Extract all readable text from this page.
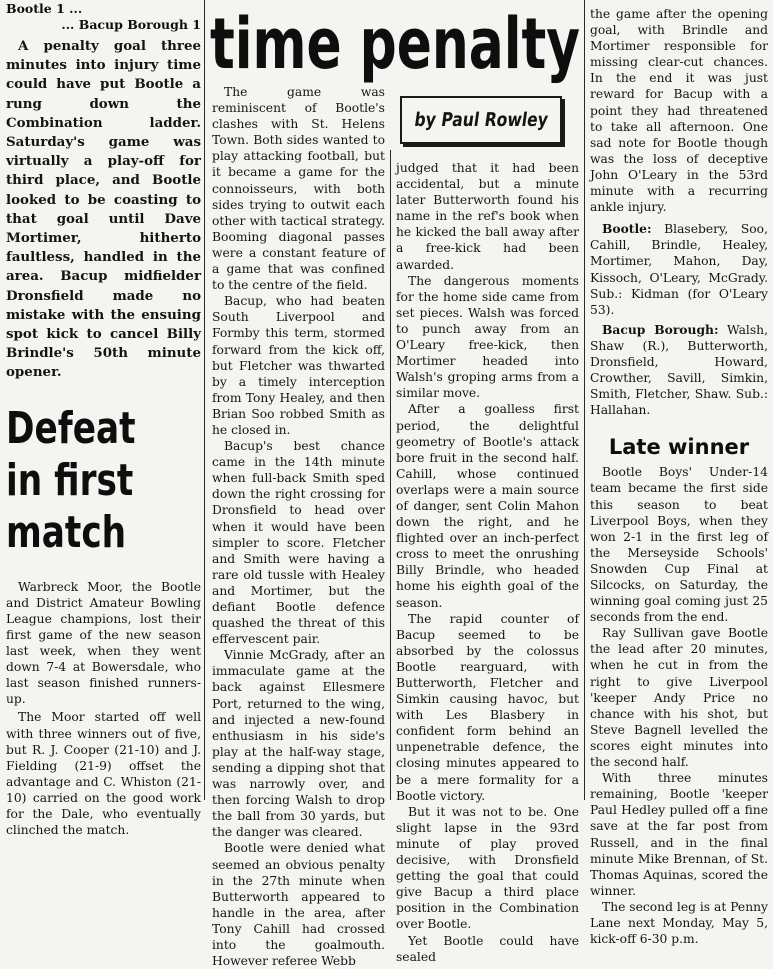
Bootle 1 ...

... Bacup Borough 1

A penalty goal three minutes into injury time could have put Bootle a rung down the Combination ladder. Saturday's game was virtually a play-off for third place, and Bootle looked to be coasting to that goal until Dave Mortimer, hitherto faultless, handled in the area. Bacup midfielder Dronsfield made no mistake with the ensuing spot kick to cancel Billy Brindle's 50th minute opener.

Defeat

in first

match

Warbreck Moor, the Bootle and District Amateur Bowling League champions, lost their first game of the new season last week, when they went down 7-4 at Bowersdale, who last season finished runners-up.

The Moor started off well with three winners out of five, but R. J. Cooper (21-10) and J. Fielding (21-9) offset the advantage and C. Whiston (21-10) carried on the good work for the Dale, who eventually clinched the match.

time penalty
by Paul Rowley

The game was reminiscent of Bootle's clashes with St. Helens Town. Both sides wanted to play attacking football, but it became a game for the connoisseurs, with both sides trying to outwit each other with tactical strategy. Booming diagonal passes were a constant feature of a game that was confined to the centre of the field.

Bacup, who had beaten South Liverpool and Formby this term, stormed forward from the kick off, but Fletcher was thwarted by a timely interception from Tony Healey, and then Brian Soo robbed Smith as he closed in.

Bacup's best chance came in the 14th minute when full-back Smith sped down the right crossing for Dronsfield to head over when it would have been simpler to score. Fletcher and Smith were having a rare old tussle with Healey and Mortimer, but the defiant Bootle defence quashed the threat of this effervescent pair.

Vinnie McGrady, after an immaculate game at the back against Ellesmere Port, returned to the wing, and injected a new-found enthusiasm in his side's play at the half-way stage, sending a dipping shot that was narrowly over, and then forcing Walsh to drop the ball from 30 yards, but the danger was cleared.

Bootle were denied what seemed an obvious penalty in the 27th minute when Butterworth appeared to handle in the area, after Tony Cahill had crossed into the goalmouth. However referee Webb

judged that it had been accidental, but a minute later Butterworth found his name in the ref's book when he kicked the ball away after a free-kick had been awarded.

The dangerous moments for the home side came from set pieces. Walsh was forced to punch away from an O'Leary free-kick, then Mortimer headed into Walsh's groping arms from a similar move.

After a goalless first period, the delightful geometry of Bootle's attack bore fruit in the second half. Cahill, whose continued overlaps were a main source of danger, sent Colin Mahon down the right, and he flighted over an inch-perfect cross to meet the onrushing Billy Brindle, who headed home his eighth goal of the season.

The rapid counter of Bacup seemed to be absorbed by the colossus Bootle rearguard, with Butterworth, Fletcher and Simkin causing havoc, but with Les Blasbery in confident form behind an unpenetrable defence, the closing minutes appeared to be a mere formality for a Bootle victory.

But it was not to be. One slight lapse in the 93rd minute of play proved decisive, with Dronsfield getting the goal that could give Bacup a third place position in the Combination over Bootle.

Yet Bootle could have sealed

the game after the opening goal, with Brindle and Mortimer responsible for missing clear-cut chances. In the end it was just reward for Bacup with a point they had threatened to take all afternoon. One sad note for Bootle though was the loss of deceptive John O'Leary in the 53rd minute with a recurring ankle injury.

Bootle: Blasebery, Soo, Cahill, Brindle, Healey, Mortimer, Mahon, Day, Kissoch, O'Leary, McGrady. Sub.: Kidman (for O'Leary 53).

Bacup Borough: Walsh, Shaw (R.), Butterworth, Dronsfield, Howard, Crowther, Savill, Simkin, Smith, Fletcher, Shaw. Sub.: Hallahan.

Late winner

Bootle Boys' Under-14 team became the first side this season to beat Liverpool Boys, when they won 2-1 in the first leg of the Merseyside Schools' Snowden Cup Final at Silcocks, on Saturday, the winning goal coming just 25 seconds from the end.

Ray Sullivan gave Bootle the lead after 20 minutes, when he cut in from the right to give Liverpool 'keeper Andy Price no chance with his shot, but Steve Bagnell levelled the scores eight minutes into the second half.

With three minutes remaining, Bootle 'keeper Paul Hedley pulled off a fine save at the far post from Russell, and in the final minute Mike Brennan, of St. Thomas Aquinas, scored the winner.

The second leg is at Penny Lane next Monday, May 5, kick-off 6-30 p.m.
